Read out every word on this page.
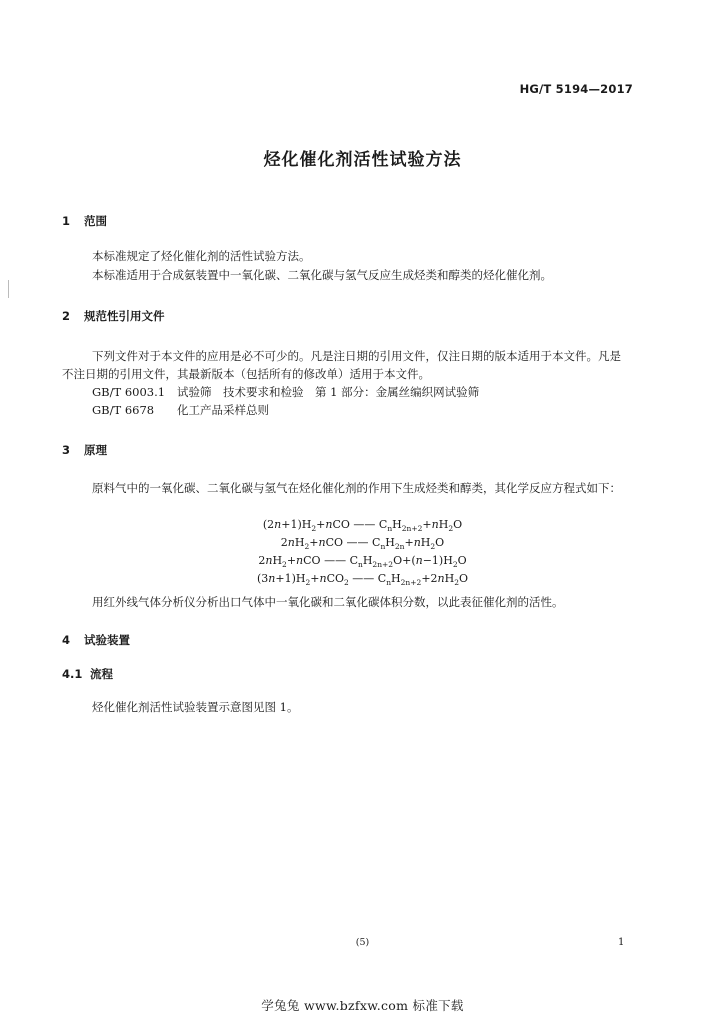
HG/T 5194—2017
烃化催化剂活性试验方法
1 范围
本标准规定了烃化催化剂的活性试验方法。
本标准适用于合成氨装置中一氧化碳、二氧化碳与氢气反应生成烃类和醇类的烃化催化剂。
2 规范性引用文件
下列文件对于本文件的应用是必不可少的。凡是注日期的引用文件，仅注日期的版本适用于本文件。凡是不注日期的引用文件，其最新版本（包括所有的修改单）适用于本文件。
GB/T 6003.1 试验筛　技术要求和检验　第 1 部分：金属丝编织网试验筛
GB/T 6678 化工产品采样总则
3 原理
原料气中的一氧化碳、二氧化碳与氢气在烃化催化剂的作用下生成烃类和醇类，其化学反应方程式如下：
$(2n+1)H_2+nCO$ —— $C_nH_{2n+2}+nH_2O$
$2nH_2+nCO$ —— $C_nH_{2n}+nH_2O$
$2nH_2+nCO$ —— $C_nH_{2n+2}O+(n-1)H_2O$
$(3n+1)H_2+nCO_2$ —— $C_nH_{2n+2}+2nH_2O$
用红外线气体分析仪分析出口气体中一氧化碳和二氧化碳体积分数，以此表征催化剂的活性。
4 试验装置
4.1 流程
烃化催化剂活性试验装置示意图见图 1。
(5)	1
学兔兔 www.bzfxw.com 标准下载
